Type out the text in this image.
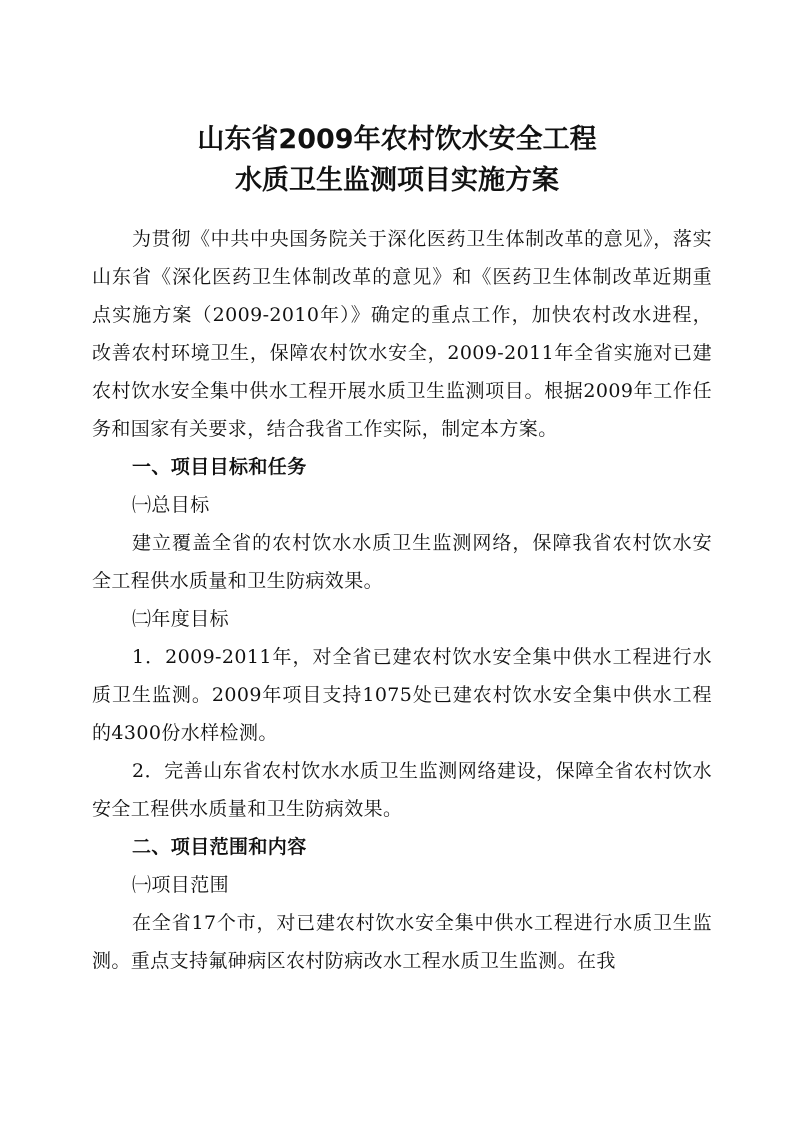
山东省2009年农村饮水安全工程
水质卫生监测项目实施方案

为贯彻《中共中央国务院关于深化医药卫生体制改革的意见》，落实山东省《深化医药卫生体制改革的意见》和《医药卫生体制改革近期重点实施方案（2009-2010年）》确定的重点工作，加快农村改水进程，改善农村环境卫生，保障农村饮水安全，2009-2011年全省实施对已建农村饮水安全集中供水工程开展水质卫生监测项目。根据2009年工作任务和国家有关要求，结合我省工作实际，制定本方案。

一、项目目标和任务

㈠总目标

建立覆盖全省的农村饮水水质卫生监测网络，保障我省农村饮水安全工程供水质量和卫生防病效果。

㈡年度目标

1．2009-2011年，对全省已建农村饮水安全集中供水工程进行水质卫生监测。2009年项目支持1075处已建农村饮水安全集中供水工程的4300份水样检测。

2．完善山东省农村饮水水质卫生监测网络建设，保障全省农村饮水安全工程供水质量和卫生防病效果。

二、项目范围和内容

㈠项目范围

在全省17个市，对已建农村饮水安全集中供水工程进行水质卫生监测。重点支持氟砷病区农村防病改水工程水质卫生监测。在我
